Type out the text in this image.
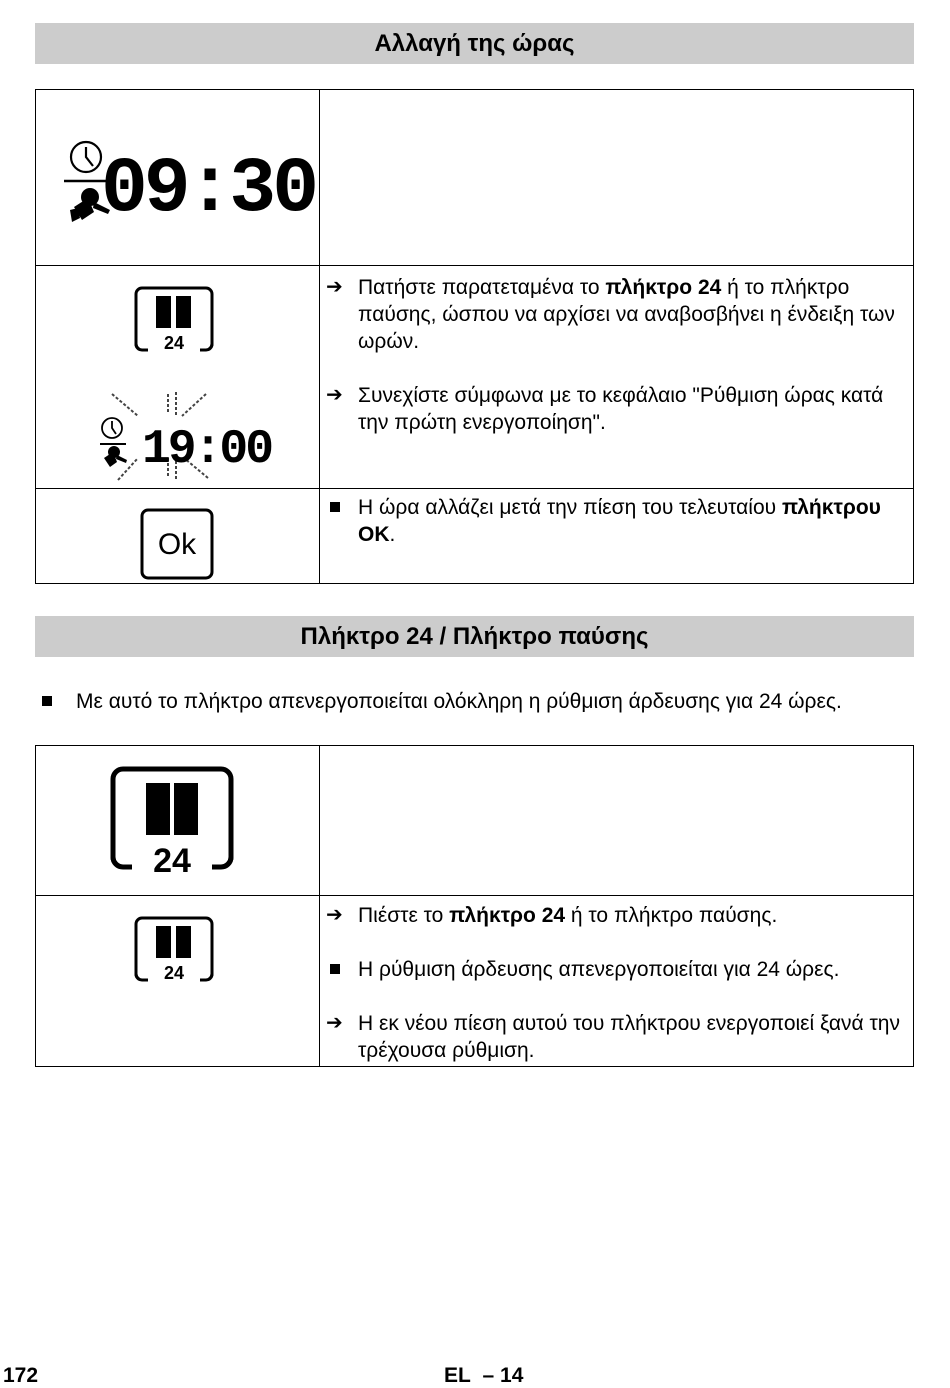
Αλλαγή της ώρας
09:30
24
19:00
➔ Πατήστε παρατεταμένα το πλήκτρο 24 ή το πλήκτρο παύσης, ώσπου να αρχίσει να αναβοσβήνει η ένδειξη των ωρών.
➔ Συνεχίστε σύμφωνα με το κεφάλαιο "Ρύθμιση ώρας κατά την πρώτη ενεργοποίηση".
Ok
Η ώρα αλλάζει μετά την πίεση του τελευταίου πλήκτρου OK.
Πλήκτρο 24 / Πλήκτρο παύσης
Με αυτό το πλήκτρο απενεργοποιείται ολόκληρη η ρύθμιση άρδευσης για 24 ώρες.
24
24
➔ Πιέστε το πλήκτρο 24 ή το πλήκτρο παύσης.
Η ρύθμιση άρδευσης απενεργοποιείται για 24 ώρες.
➔ Η εκ νέου πίεση αυτού του πλήκτρου ενεργοποιεί ξανά την τρέχουσα ρύθμιση.
172	EL – 14
